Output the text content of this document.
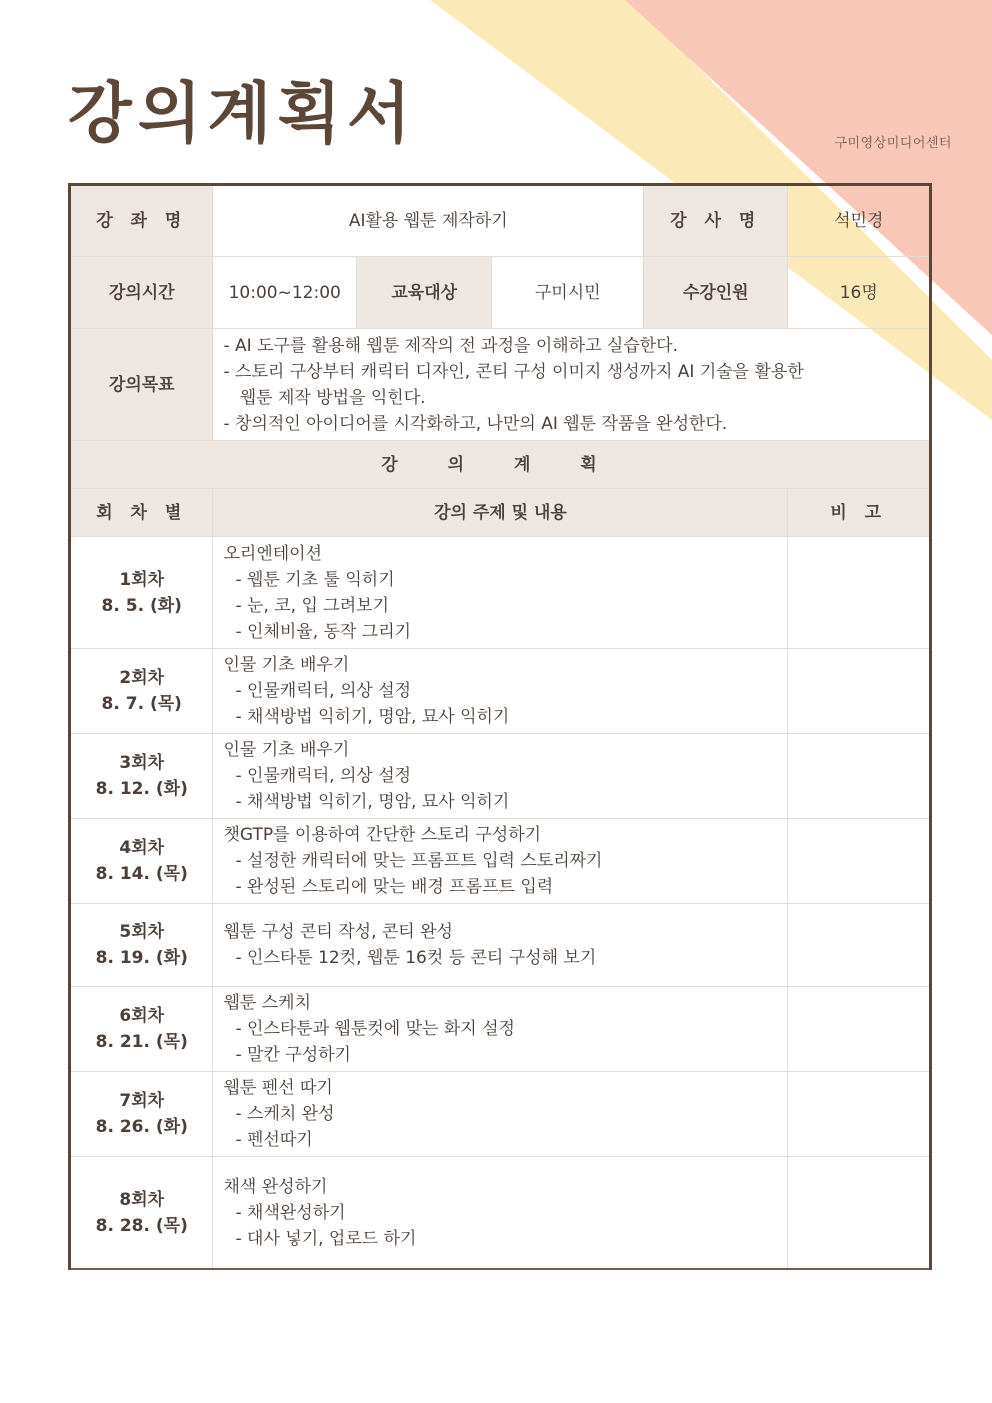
강의계획서	구미영상미디어센터
강 좌 명	AI활용 웹툰 제작하기			강 사 명	석민경
강의시간	10:00~12:00	교육대상	구미시민	수강인원	16명
강의목표	- AI 도구를 활용해 웹툰 제작의 전 과정을 이해하고 실습한다.
- 스토리 구상부터 캐릭터 디자인, 콘티 구성 이미지 생성까지 AI 기술을 활용한
웹툰 제작 방법을 익힌다.
- 창의적인 아이디어를 시각화하고, 나만의 AI 웹툰 작품을 완성한다.				

강 의 계 획					
회 차 별	강의 주제 및 내용				비 고

1회차
8. 5. (화)	오리엔테이션
- 웹툰 기초 툴 익히기
- 눈, 코, 입 그려보기
- 인체비율, 동작 그리기				

2회차
8. 7. (목)	인물 기초 배우기
- 인물캐릭터, 의상 설정
- 채색방법 익히기, 명암, 묘사 익히기				

3회차
8. 12. (화)	인물 기초 배우기
- 인물캐릭터, 의상 설정
- 채색방법 익히기, 명암, 묘사 익히기				

4회차
8. 14. (목)	챗GTP를 이용하여 간단한 스토리 구성하기
- 설정한 캐릭터에 맞는 프롬프트 입력 스토리짜기
- 완성된 스토리에 맞는 배경 프롬프트 입력				

5회차
8. 19. (화)	웹툰 구성 콘티 작성, 콘티 완성
- 인스타툰 12컷, 웹툰 16컷 등 콘티 구성해 보기				

6회차
8. 21. (목)	웹툰 스케치
- 인스타툰과 웹툰컷에 맞는 화지 설정
- 말칸 구성하기				

7회차
8. 26. (화)	웹툰 펜선 따기
- 스케치 완성
- 펜선따기				

8회차
8. 28. (목)	채색 완성하기
- 채색완성하기
- 대사 넣기, 업로드 하기				
